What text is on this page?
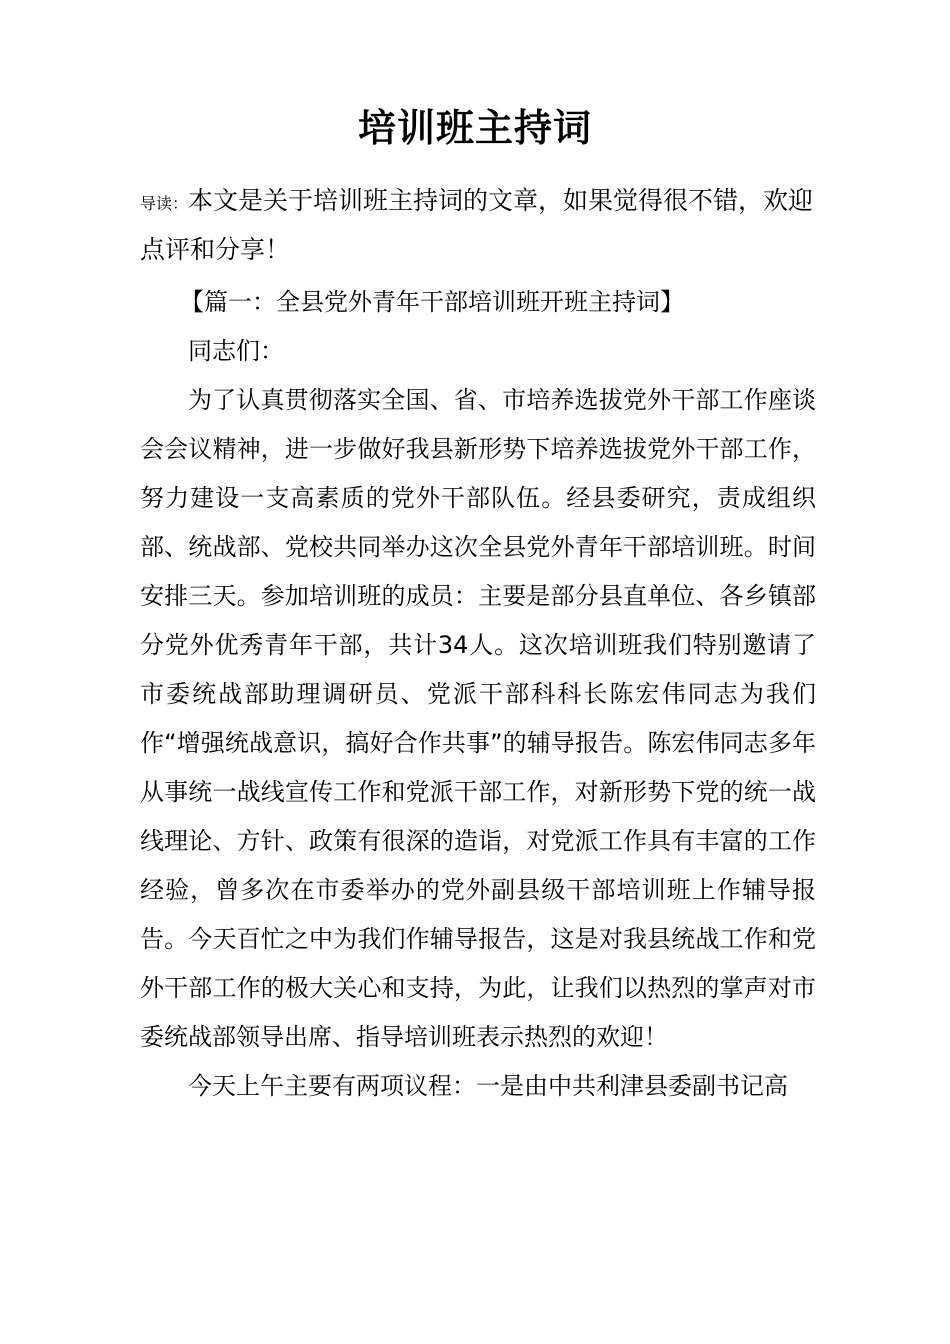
培训班主持词

导读：本文是关于培训班主持词的文章，如果觉得很不错，欢迎点评和分享！

【篇一：全县党外青年干部培训班开班主持词】

同志们：

为了认真贯彻落实全国、省、市培养选拔党外干部工作座谈会会议精神，进一步做好我县新形势下培养选拔党外干部工作，努力建设一支高素质的党外干部队伍。经县委研究，责成组织部、统战部、党校共同举办这次全县党外青年干部培训班。时间安排三天。参加培训班的成员：主要是部分县直单位、各乡镇部分党外优秀青年干部，共计34人。这次培训班我们特别邀请了市委统战部助理调研员、党派干部科科长陈宏伟同志为我们作“增强统战意识，搞好合作共事”的辅导报告。陈宏伟同志多年从事统一战线宣传工作和党派干部工作，对新形势下党的统一战线理论、方针、政策有很深的造诣，对党派工作具有丰富的工作经验，曾多次在市委举办的党外副县级干部培训班上作辅导报告。今天百忙之中为我们作辅导报告，这是对我县统战工作和党外干部工作的极大关心和支持，为此，让我们以热烈的掌声对市委统战部领导出席、指导培训班表示热烈的欢迎！

今天上午主要有两项议程：一是由中共利津县委副书记高
